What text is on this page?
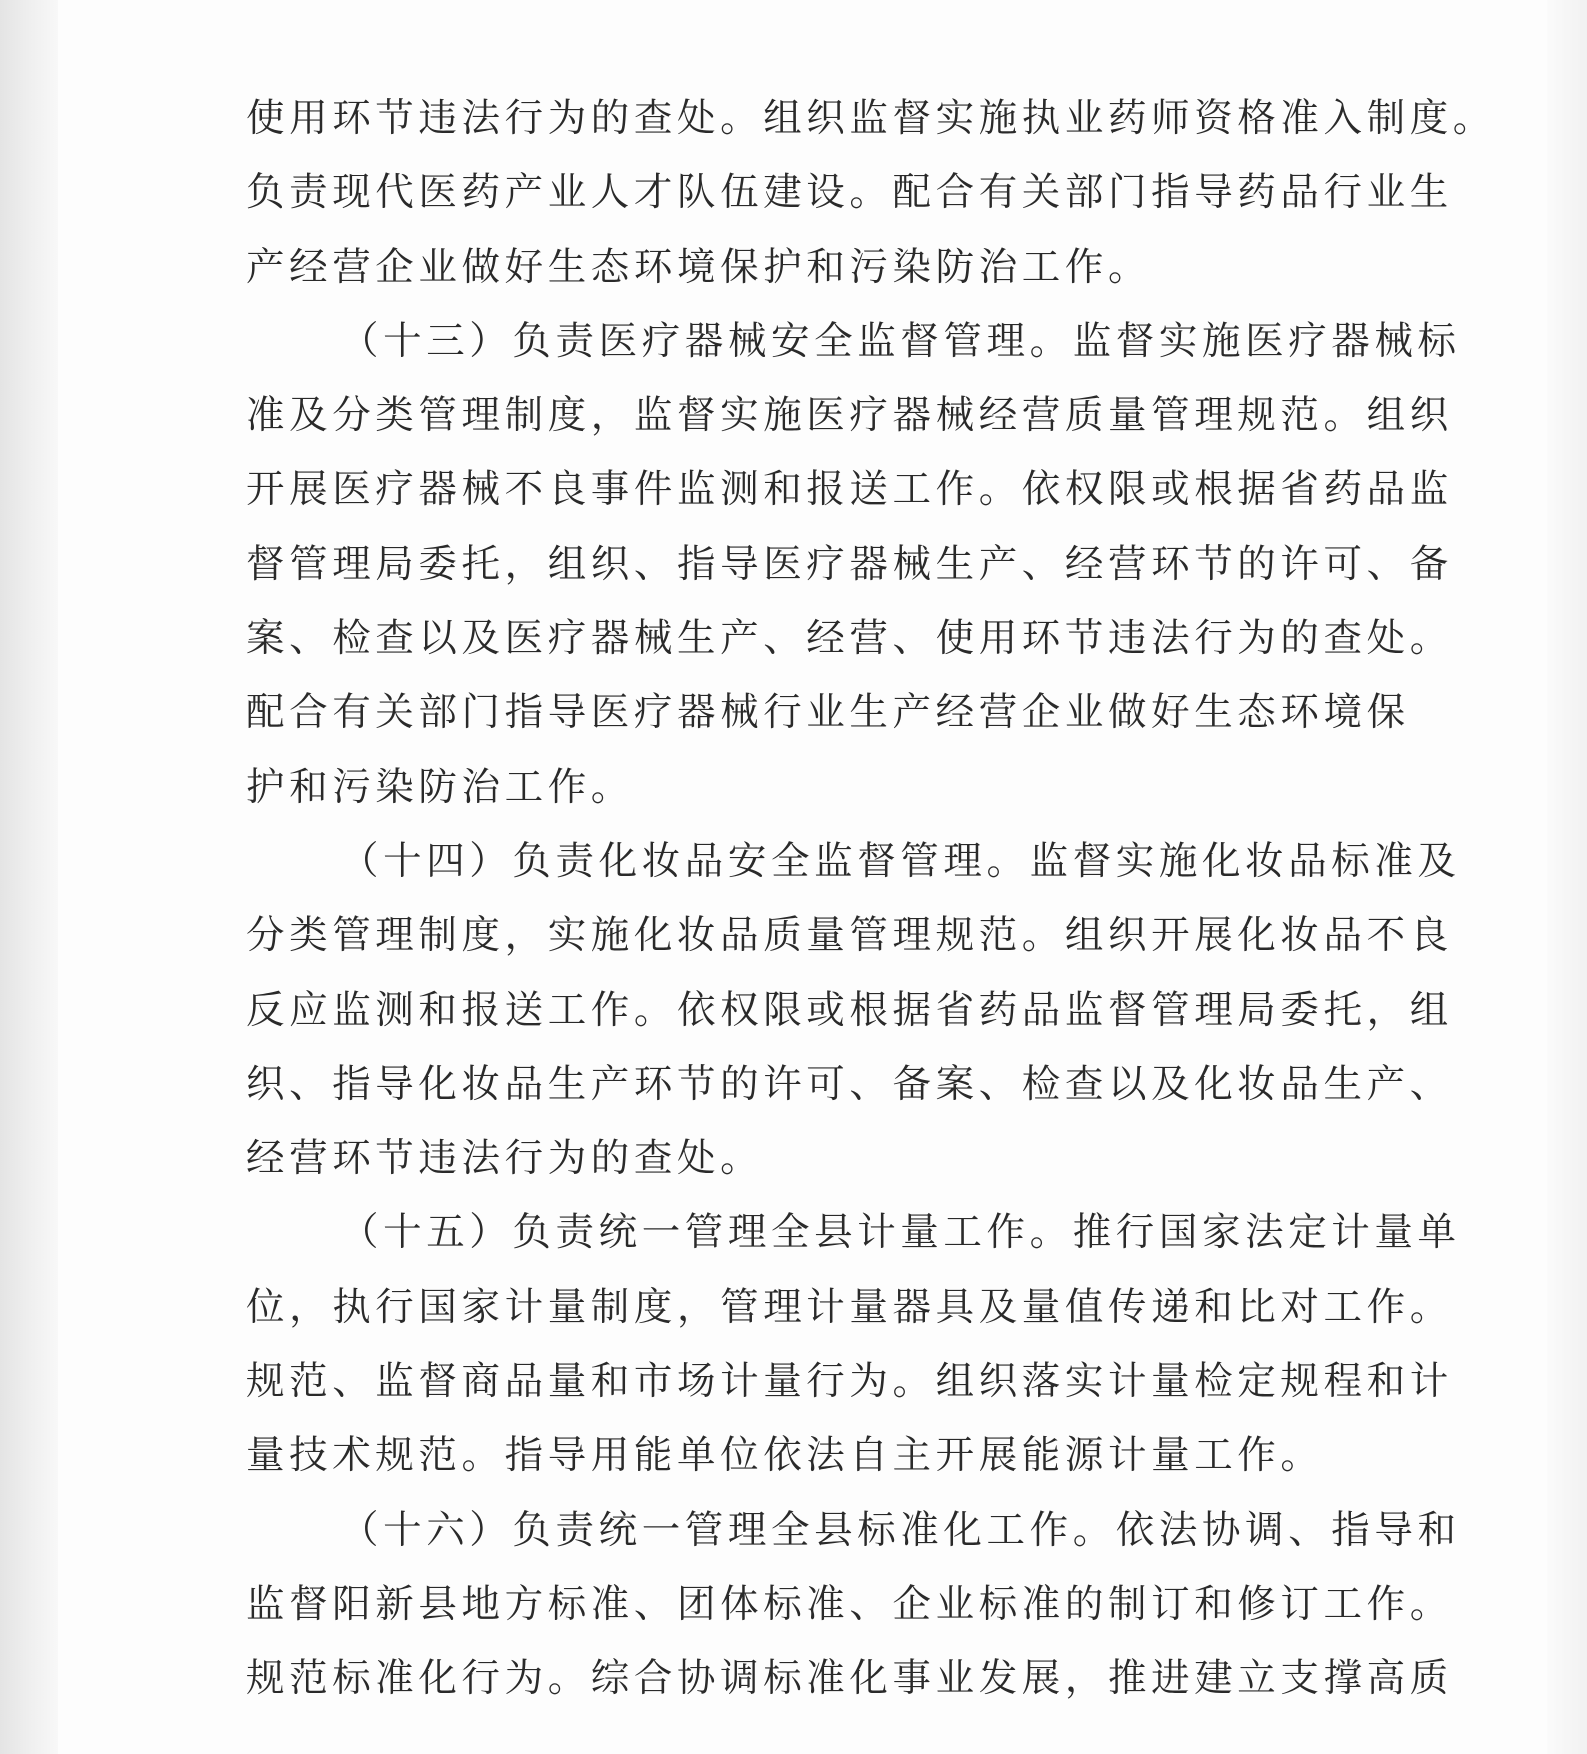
使用环节违法行为的查处。组织监督实施执业药师资格准入制度。
负责现代医药产业人才队伍建设。配合有关部门指导药品行业生
产经营企业做好生态环境保护和污染防治工作。
（十三）负责医疗器械安全监督管理。监督实施医疗器械标
准及分类管理制度，监督实施医疗器械经营质量管理规范。组织
开展医疗器械不良事件监测和报送工作。依权限或根据省药品监
督管理局委托，组织、指导医疗器械生产、经营环节的许可、备
案、检查以及医疗器械生产、经营、使用环节违法行为的查处。
配合有关部门指导医疗器械行业生产经营企业做好生态环境保
护和污染防治工作。
（十四）负责化妆品安全监督管理。监督实施化妆品标准及
分类管理制度，实施化妆品质量管理规范。组织开展化妆品不良
反应监测和报送工作。依权限或根据省药品监督管理局委托，组
织、指导化妆品生产环节的许可、备案、检查以及化妆品生产、
经营环节违法行为的查处。
（十五）负责统一管理全县计量工作。推行国家法定计量单
位，执行国家计量制度，管理计量器具及量值传递和比对工作。
规范、监督商品量和市场计量行为。组织落实计量检定规程和计
量技术规范。指导用能单位依法自主开展能源计量工作。
（十六）负责统一管理全县标准化工作。依法协调、指导和
监督阳新县地方标准、团体标准、企业标准的制订和修订工作。
规范标准化行为。综合协调标准化事业发展，推进建立支撑高质
